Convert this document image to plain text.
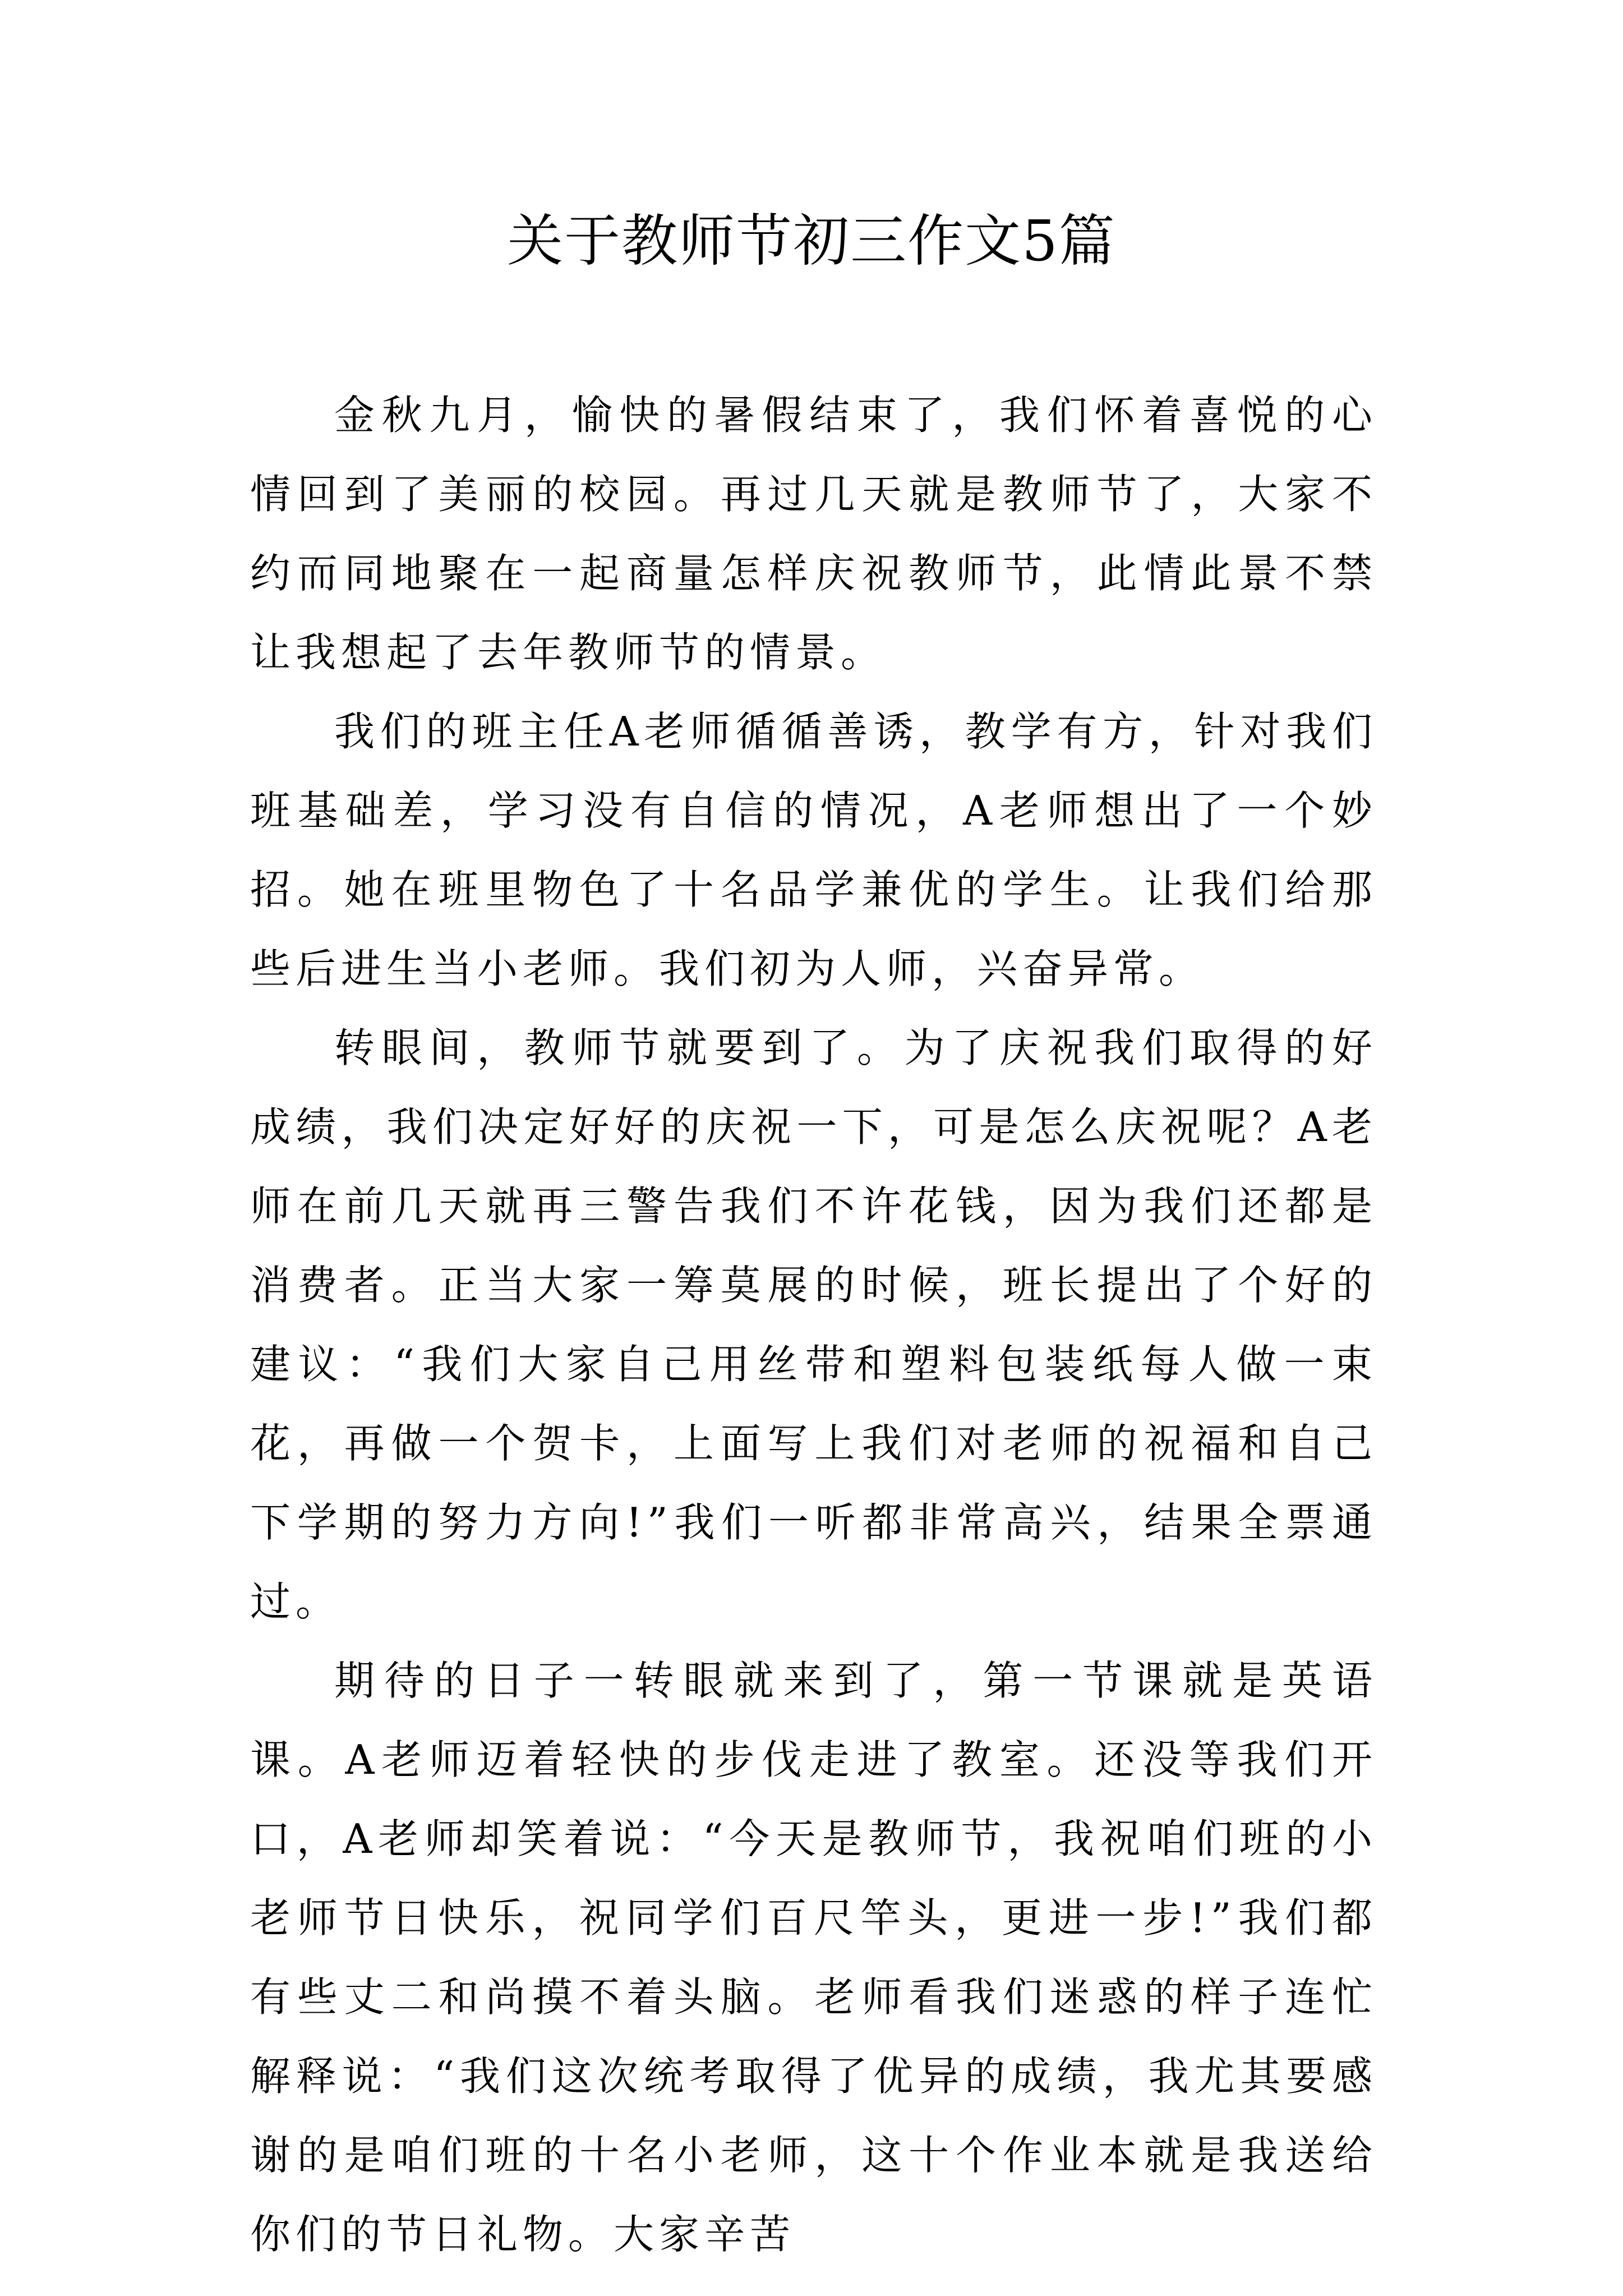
关于教师节初三作文5篇

金秋九月，愉快的暑假结束了，我们怀着喜悦的心情回到了美丽的校园。再过几天就是教师节了，大家不约而同地聚在一起商量怎样庆祝教师节，此情此景不禁让我想起了去年教师节的情景。

我们的班主任A老师循循善诱，教学有方，针对我们班基础差，学习没有自信的情况，A老师想出了一个妙招。她在班里物色了十名品学兼优的学生。让我们给那些后进生当小老师。我们初为人师，兴奋异常。

转眼间，教师节就要到了。为了庆祝我们取得的好成绩，我们决定好好的庆祝一下，可是怎么庆祝呢？A老师在前几天就再三警告我们不许花钱，因为我们还都是消费者。正当大家一筹莫展的时候，班长提出了个好的建议：“我们大家自己用丝带和塑料包装纸每人做一束花，再做一个贺卡，上面写上我们对老师的祝福和自己下学期的努力方向!”我们一听都非常高兴，结果全票通过。

期待的日子一转眼就来到了，第一节课就是英语课。A老师迈着轻快的步伐走进了教室。还没等我们开口，A老师却笑着说：“今天是教师节，我祝咱们班的小老师节日快乐，祝同学们百尺竿头，更进一步!”我们都有些丈二和尚摸不着头脑。老师看我们迷惑的样子连忙解释说：“我们这次统考取得了优异的成绩，我尤其要感谢的是咱们班的十名小老师，这十个作业本就是我送给你们的节日礼物。大家辛苦
